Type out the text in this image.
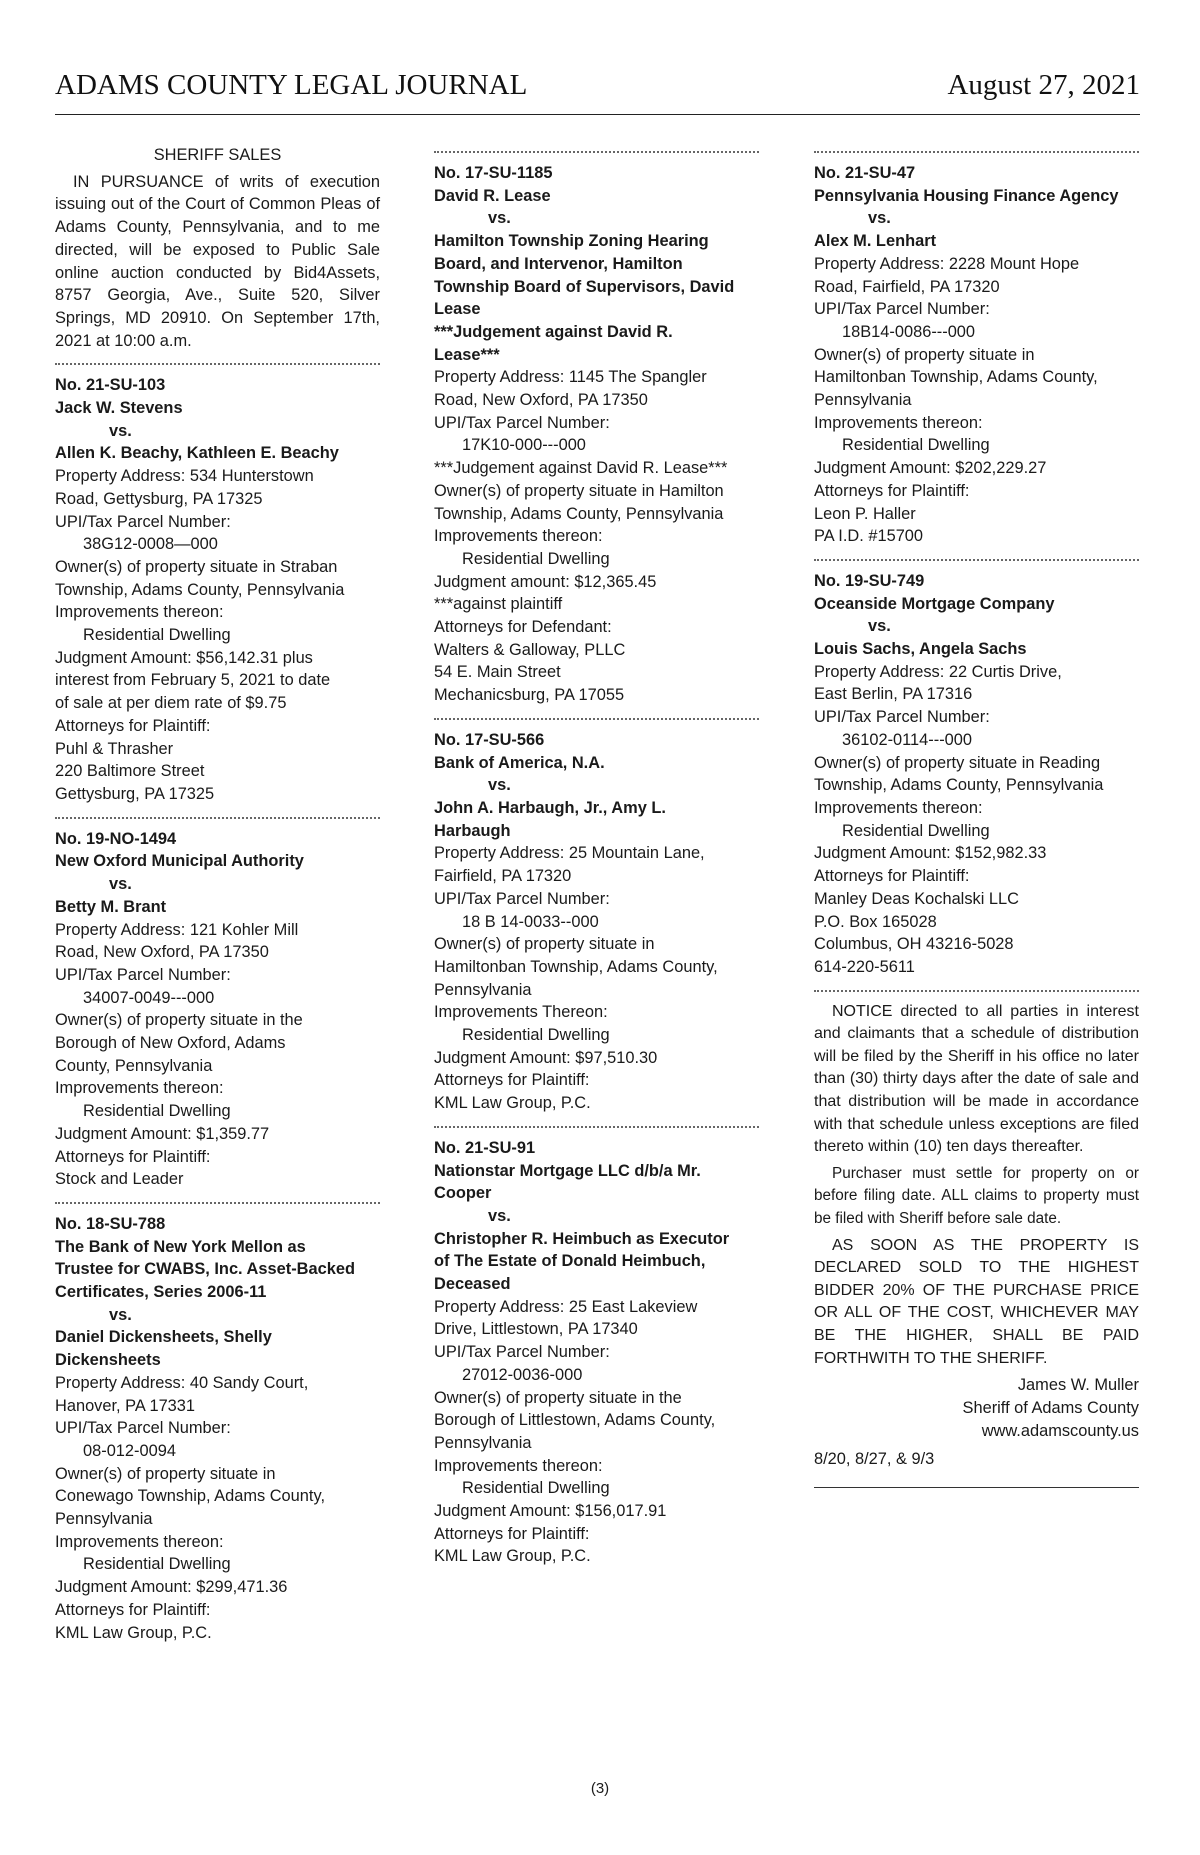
ADAMS COUNTY LEGAL JOURNAL	August 27, 2021

SHERIFF SALES

IN PURSUANCE of writs of execution issuing out of the Court of Common Pleas of Adams County, Pennsylvania, and to me directed, will be exposed to Public Sale online auction conducted by Bid4Assets, 8757 Georgia, Ave., Suite 520, Silver Springs, MD 20910. On September 17th, 2021 at 10:00 a.m.

No. 21-SU-103

Jack W. Stevens

vs.

Allen K. Beachy, Kathleen E. Beachy

Property Address: 534 Hunterstown

Road, Gettysburg, PA 17325

UPI/Tax Parcel Number:

38G12-0008—000

Owner(s) of property situate in Straban

Township, Adams County, Pennsylvania

Improvements thereon:

Residential Dwelling

Judgment Amount: $56,142.31 plus

interest from February 5, 2021 to date

of sale at per diem rate of $9.75

Attorneys for Plaintiff:

Puhl & Thrasher

220 Baltimore Street

Gettysburg, PA 17325

No. 19-NO-1494

New Oxford Municipal Authority

vs.

Betty M. Brant

Property Address: 121 Kohler Mill

Road, New Oxford, PA 17350

UPI/Tax Parcel Number:

34007-0049---000

Owner(s) of property situate in the

Borough of New Oxford, Adams

County, Pennsylvania

Improvements thereon:

Residential Dwelling

Judgment Amount: $1,359.77

Attorneys for Plaintiff:

Stock and Leader

No. 18-SU-788

The Bank of New York Mellon as

Trustee for CWABS, Inc. Asset-Backed

Certificates, Series 2006-11

vs.

Daniel Dickensheets, Shelly

Dickensheets

Property Address: 40 Sandy Court,

Hanover, PA 17331

UPI/Tax Parcel Number:

08-012-0094

Owner(s) of property situate in

Conewago Township, Adams County,

Pennsylvania

Improvements thereon:

Residential Dwelling

Judgment Amount: $299,471.36

Attorneys for Plaintiff:

KML Law Group, P.C.

No. 17-SU-1185

David R. Lease

vs.

Hamilton Township Zoning Hearing

Board, and Intervenor, Hamilton

Township Board of Supervisors, David

Lease

***Judgement against David R.

Lease***

Property Address: 1145 The Spangler

Road, New Oxford, PA 17350

UPI/Tax Parcel Number:

17K10-000---000

***Judgement against David R. Lease***

Owner(s) of property situate in Hamilton

Township, Adams County, Pennsylvania

Improvements thereon:

Residential Dwelling

Judgment amount: $12,365.45

***against plaintiff

Attorneys for Defendant:

Walters & Galloway, PLLC

54 E. Main Street

Mechanicsburg, PA 17055

No. 17-SU-566

Bank of America, N.A.

vs.

John A. Harbaugh, Jr., Amy L.

Harbaugh

Property Address: 25 Mountain Lane,

Fairfield, PA 17320

UPI/Tax Parcel Number:

18 B 14-0033--000

Owner(s) of property situate in

Hamiltonban Township, Adams County,

Pennsylvania

Improvements Thereon:

Residential Dwelling

Judgment Amount: $97,510.30

Attorneys for Plaintiff:

KML Law Group, P.C.

No. 21-SU-91

Nationstar Mortgage LLC d/b/a Mr.

Cooper

vs.

Christopher R. Heimbuch as Executor

of The Estate of Donald Heimbuch,

Deceased

Property Address: 25 East Lakeview

Drive, Littlestown, PA 17340

UPI/Tax Parcel Number:

27012-0036-000

Owner(s) of property situate in the

Borough of Littlestown, Adams County,

Pennsylvania

Improvements thereon:

Residential Dwelling

Judgment Amount: $156,017.91

Attorneys for Plaintiff:

KML Law Group, P.C.

No. 21-SU-47

Pennsylvania Housing Finance Agency

vs.

Alex M. Lenhart

Property Address: 2228 Mount Hope

Road, Fairfield, PA 17320

UPI/Tax Parcel Number:

18B14-0086---000

Owner(s) of property situate in

Hamiltonban Township, Adams County,

Pennsylvania

Improvements thereon:

Residential Dwelling

Judgment Amount: $202,229.27

Attorneys for Plaintiff:

Leon P. Haller

PA I.D. #15700

No. 19-SU-749

Oceanside Mortgage Company

vs.

Louis Sachs, Angela Sachs

Property Address: 22 Curtis Drive,

East Berlin, PA 17316

UPI/Tax Parcel Number:

36102-0114---000

Owner(s) of property situate in Reading

Township, Adams County, Pennsylvania

Improvements thereon:

Residential Dwelling

Judgment Amount: $152,982.33

Attorneys for Plaintiff:

Manley Deas Kochalski LLC

P.O. Box 165028

Columbus, OH 43216-5028

614-220-5611

NOTICE directed to all parties in interest and claimants that a schedule of distribution will be filed by the Sheriff in his office no later than (30) thirty days after the date of sale and that distribution will be made in accordance with that schedule unless exceptions are filed thereto within (10) ten days thereafter.

Purchaser must settle for property on or before filing date. ALL claims to property must be filed with Sheriff before sale date.

AS SOON AS THE PROPERTY IS DECLARED SOLD TO THE HIGHEST BIDDER 20% OF THE PURCHASE PRICE OR ALL OF THE COST, WHICHEVER MAY BE THE HIGHER, SHALL BE PAID FORTHWITH TO THE SHERIFF.

James W. Muller

Sheriff of Adams County

www.adamscounty.us

8/20, 8/27, & 9/3

(3)
